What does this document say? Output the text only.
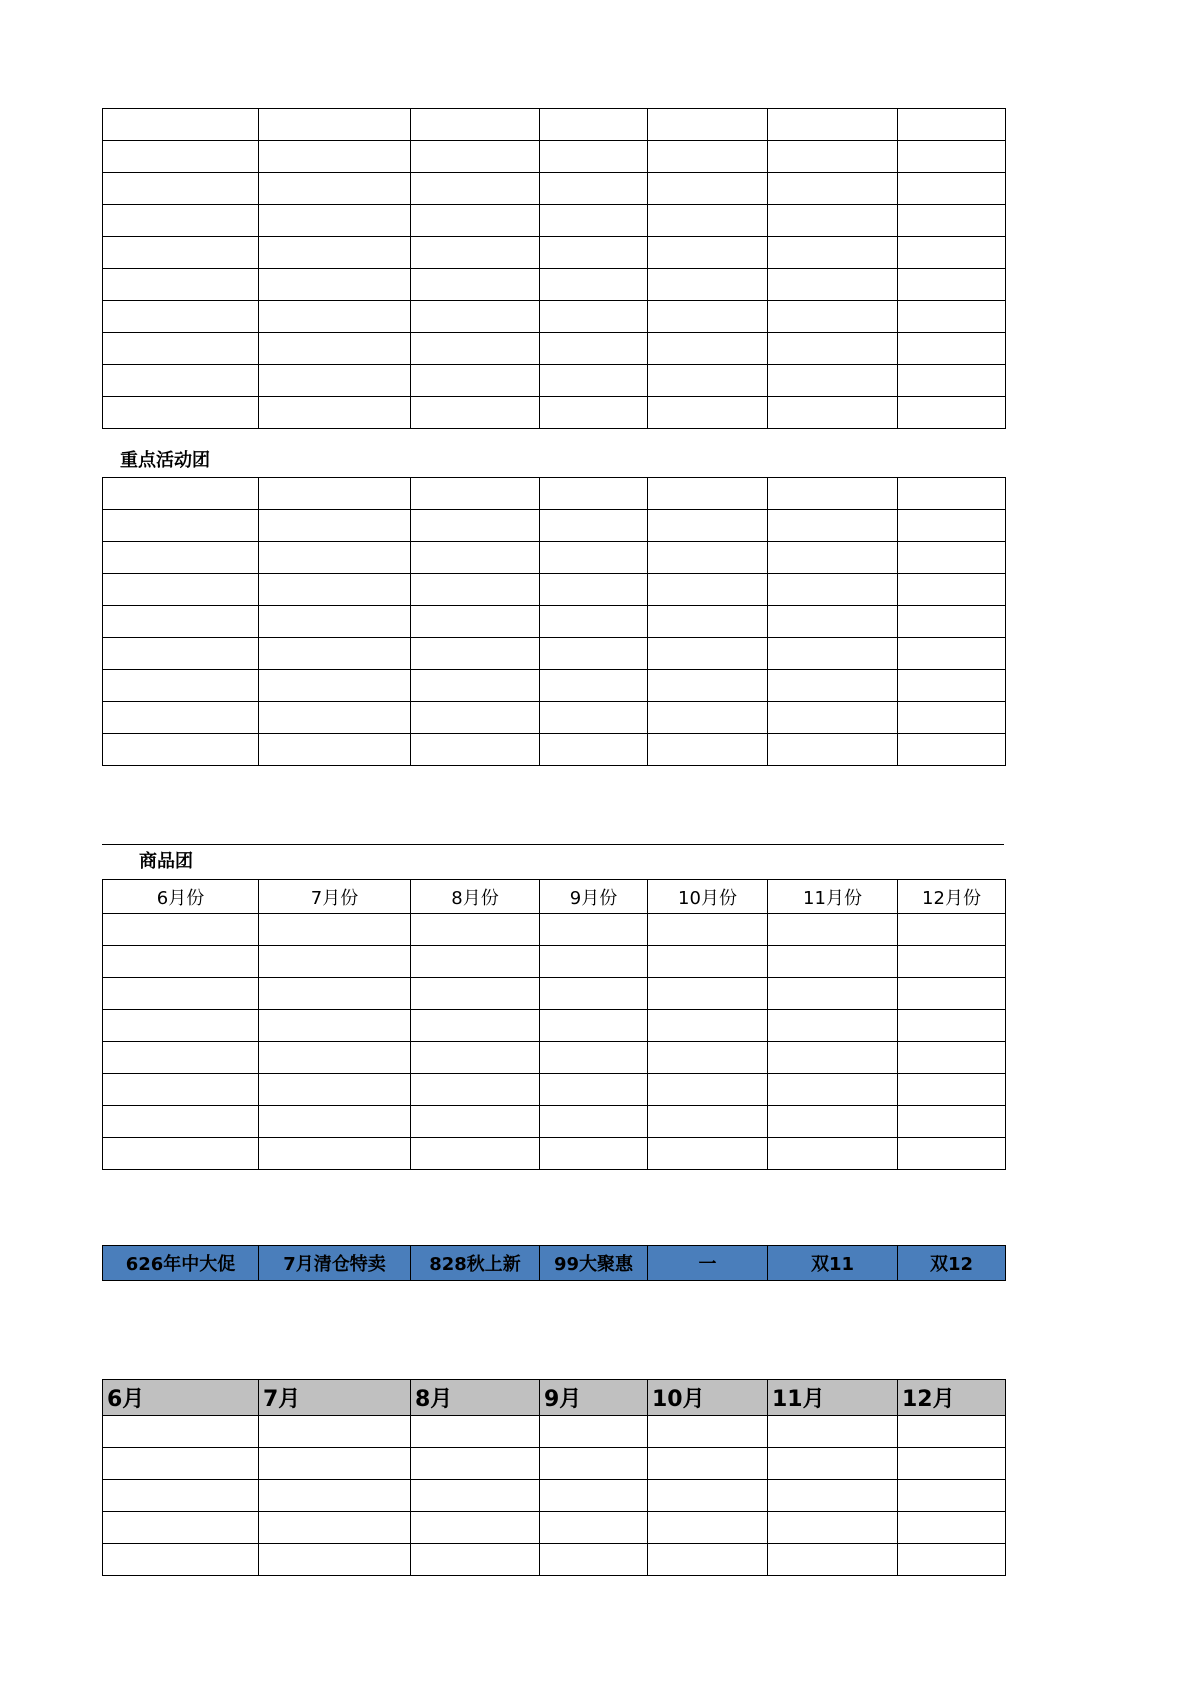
重点活动团

商品团
6月份	7月份	8月份	9月份	10月份	11月份	12月份

626年中大促	7月清仓特卖	828秋上新	99大聚惠	一	双11	双12
6月	7月	8月	9月	10月	11月	12月
